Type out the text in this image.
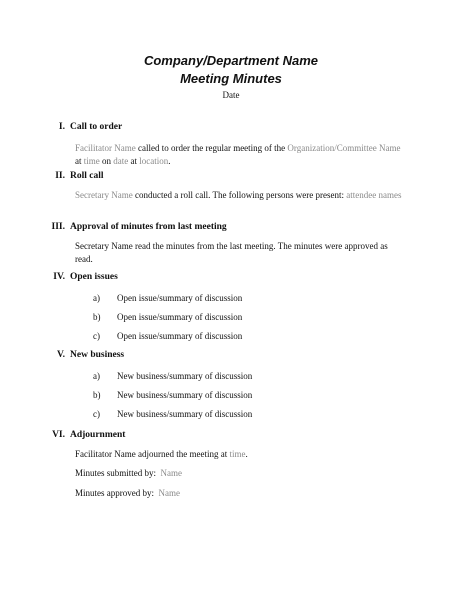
Company/Department Name
Meeting Minutes
Date
I. Call to order
Facilitator Name called to order the regular meeting of the Organization/Committee Name at time on date at location.
II. Roll call
Secretary Name conducted a roll call. The following persons were present: attendee names
III. Approval of minutes from last meeting
Secretary Name read the minutes from the last meeting. The minutes were approved as read.
IV. Open issues
a) Open issue/summary of discussion
b) Open issue/summary of discussion
c) Open issue/summary of discussion
V. New business
a) New business/summary of discussion
b) New business/summary of discussion
c) New business/summary of discussion
VI. Adjournment
Facilitator Name adjourned the meeting at time.
Minutes submitted by: Name
Minutes approved by: Name
